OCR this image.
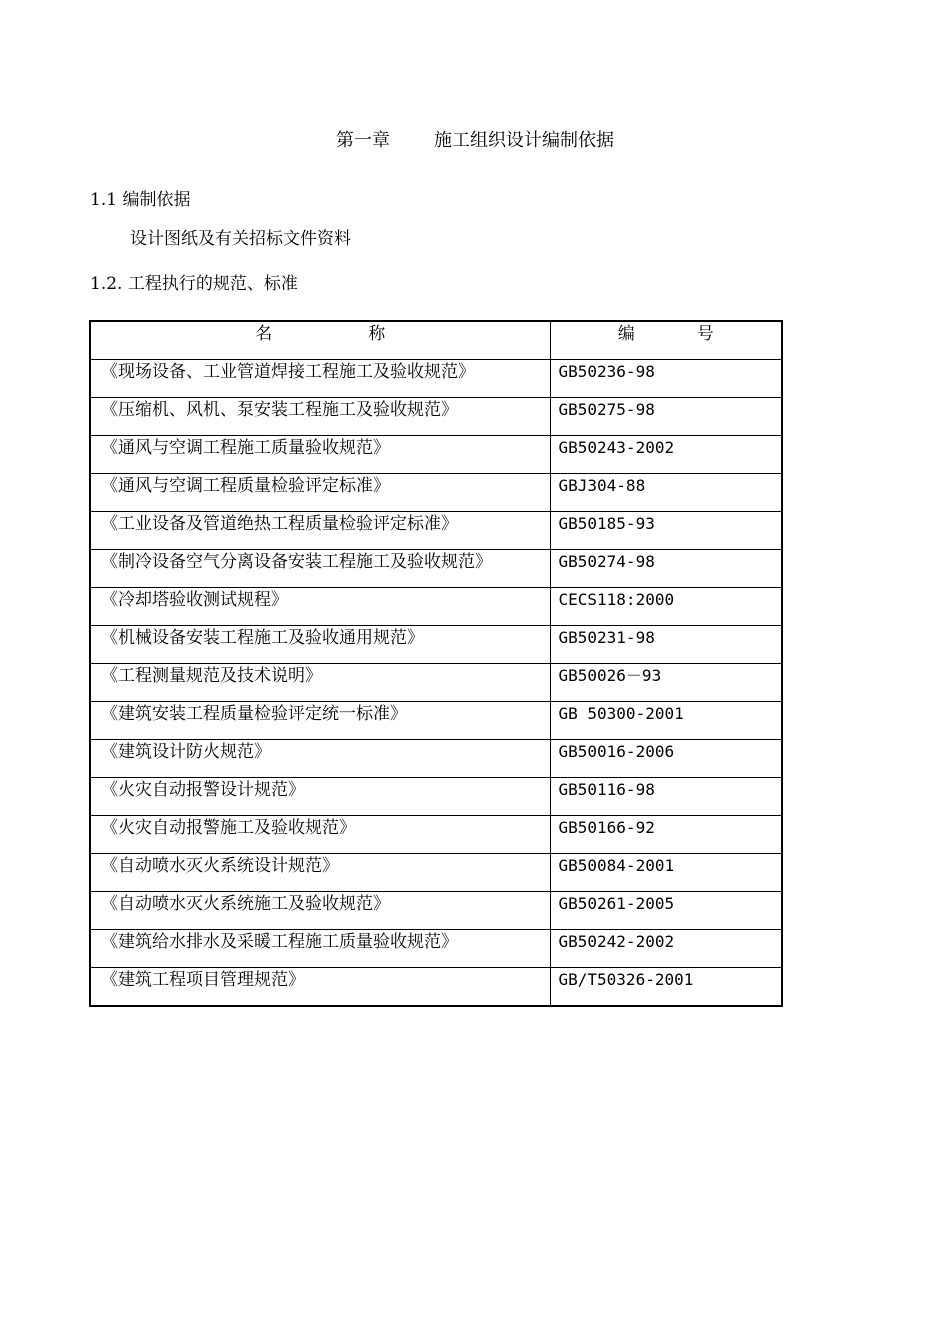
第一章 施工组织设计编制依据
1.1 编制依据

设计图纸及有关招标文件资料

1.2. 工程执行的规范、标准
名 称	编 号
《现场设备、工业管道焊接工程施工及验收规范》	GB50236-98
《压缩机、风机、泵安装工程施工及验收规范》	GB50275-98
《通风与空调工程施工质量验收规范》	GB50243-2002
《通风与空调工程质量检验评定标准》	GBJ304-88
《工业设备及管道绝热工程质量检验评定标准》	GB50185-93
《制冷设备空气分离设备安装工程施工及验收规范》	GB50274-98
《冷却塔验收测试规程》	CECS118:2000
《机械设备安装工程施工及验收通用规范》	GB50231-98
《工程测量规范及技术说明》	GB50026－93
《建筑安装工程质量检验评定统一标准》	GB 50300-2001
《建筑设计防火规范》	GB50016-2006
《火灾自动报警设计规范》	GB50116-98
《火灾自动报警施工及验收规范》	GB50166-92
《自动喷水灭火系统设计规范》	GB50084-2001
《自动喷水灭火系统施工及验收规范》	GB50261-2005
《建筑给水排水及采暖工程施工质量验收规范》	GB50242-2002
《建筑工程项目管理规范》	GB/T50326-2001
